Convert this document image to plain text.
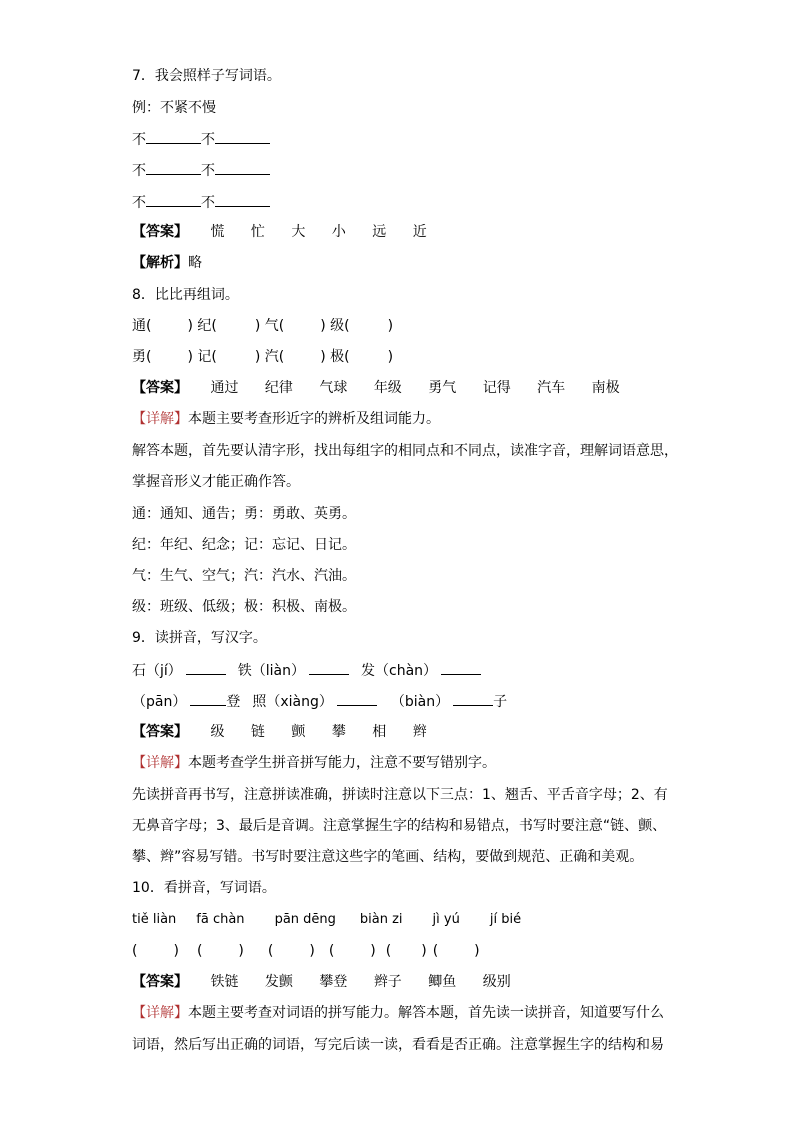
7．我会照样子写词语。
例：不紧不慢
不	不
不	不
不	不
【答案】 慌 忙 大 小 远 近
【解析】略
8．比比再组词。
通(	) 纪(	) 气(	) 级(	)
勇(	) 记(	) 汽(	) 极(	)
【答案】 通过 纪律 气球 年级 勇气 记得 汽车 南极
【详解】本题主要考查形近字的辨析及组词能力。
解答本题，首先要认清字形，找出每组字的相同点和不同点，读准字音，理解词语意思，
掌握音形义才能正确作答。
通：通知、通告；勇：勇敢、英勇。
纪：年纪、纪念；记：忘记、日记。
气：生气、空气；汽：汽水、汽油。
级：班级、低级；极：积极、南极。
9．读拼音，写汉字。
石（jí）	铁（liàn）	发（chàn）
（pān）	登 照（xiàng）	（biàn）	子
【答案】 级 链 颤 攀 相 辫
【详解】本题考查学生拼音拼写能力，注意不要写错别字。
先读拼音再书写，注意拼读准确，拼读时注意以下三点：1、翘舌、平舌音字母；2、有
无鼻音字母；3、最后是音调。注意掌握生字的结构和易错点，书写时要注意“链、颤、
攀、辫”容易写错。书写时要注意这些字的笔画、结构，要做到规范、正确和美观。
10．看拼音，写词语。
tiě liàn fā chàn pān dēng biàn zi jì yú jí bié
(	) (	) (	) (	) ( ) (	)
【答案】 铁链 发颤 攀登 辫子 鲫鱼 级别
【详解】本题主要考查对词语的拼写能力。解答本题，首先读一读拼音，知道要写什么
词语，然后写出正确的词语，写完后读一读，看看是否正确。注意掌握生字的结构和易
